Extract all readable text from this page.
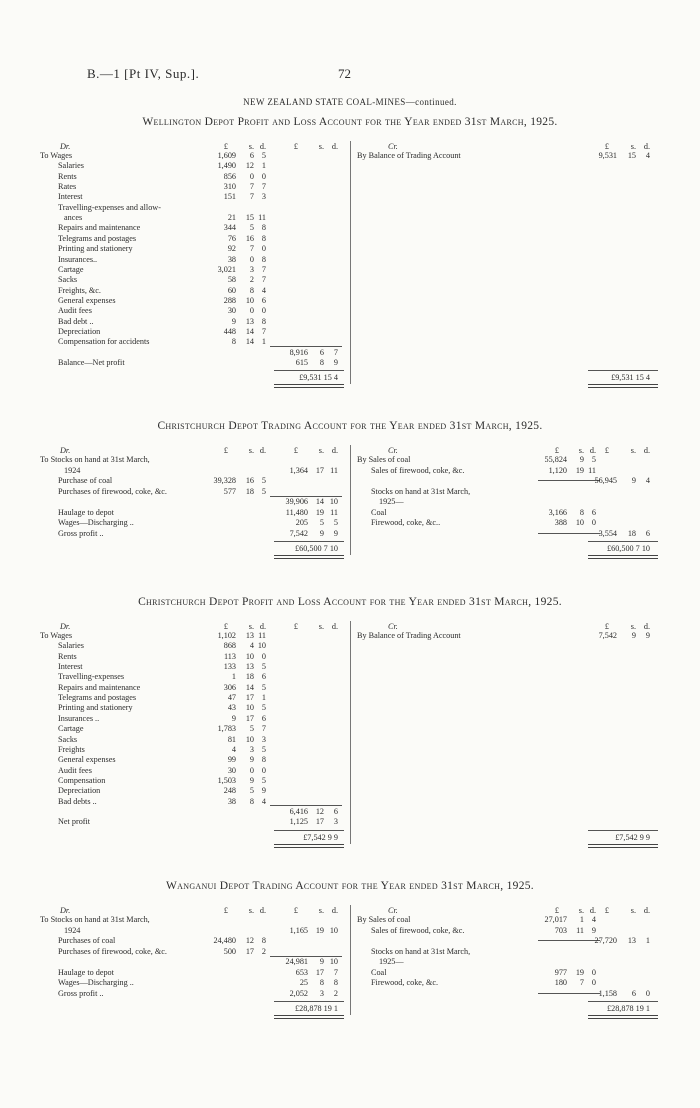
B.—1 [Pt IV, Sup.].	72
NEW ZEALAND STATE COAL-MINES—continued.
Wellington Depot Profit and Loss Account for the Year ended 31st March, 1925.
Dr.	Cr.
£	s. d.	£	s. d.	£	s. d.
To Wages	1,609 6 5
Salaries	1,490 12 1
Rents	856 0 0
Rates	310 7 7
Interest	151 7 3
Travelling-expenses and allow-
ances	21 15 11
Repairs and maintenance	344 5 8
Telegrams and postages	76 16 8
Printing and stationery	92 7 0
Insurances..	38 0 8
Cartage	3,021 3 7
Sacks	58 2 7
Freights, &c.	60 8 4
General expenses	288 10 6
Audit fees	30 0 0
Bad debt ..	9 13 8
Depreciation	448 14 7
Compensation for accidents	8 14 1
8,916 6 7
Balance—Net profit	615 8 9
By Balance of Trading Account	9,531 15 4
£9,531 15 4	£9,531 15 4
Christchurch Depot Trading Account for the Year ended 31st March, 1925.
Dr.	Cr.
£	s. d.	£	s. d.	£ s. d. £	s. d.
To Stocks on hand at 31st March,
1924	1,364 17 11
Purchase of coal	39,328 16 5
Purchases of firewood, coke, &c.	577 18 5
39,906 14 10
Haulage to depot	11,480 19 11
Wages—Discharging ..	205 5 5
Gross profit ..	7,542 9 9
By Sales of coal	55,824 9 5
Sales of firewood, coke, &c.	1,120 19 11
56,945 9 4
Stocks on hand at 31st March,
1925—
Coal	3,166 8 6
Firewood, coke, &c..	388 10 0
3,554 18 6
£60,500 7 10	£60,500 7 10
Christchurch Depot Profit and Loss Account for the Year ended 31st March, 1925.
Dr.	Cr.
£	s. d.	£	s. d.	£	s. d.
To Wages	1,102 13 11
Salaries	868 4 10
Rents	113 10 0
Interest	133 13 5
Travelling-expenses	1 18 6
Repairs and maintenance	306 14 5
Telegrams and postages	47 17 1
Printing and stationery	43 10 5
Insurances ..	9 17 6
Cartage	1,783 5 7
Sacks	81 10 3
Freights	4 3 5
General expenses	99 9 8
Audit fees	30 0 0
Compensation	1,503 9 5
Depreciation	248 5 9
Bad debts ..	38 8 4
6,416 12 6
Net profit	1,125 17 3
By Balance of Trading Account	7,542 9 9
£7,542 9 9	£7,542 9 9
Wanganui Depot Trading Account for the Year ended 31st March, 1925.
Dr.	Cr.
£	s. d.	£	s. d.	£ s. d. £	s. d.
To Stocks on hand at 31st March,
1924	1,165 19 10
Purchases of coal	24,480 12 8
Purchases of firewood, coke, &c.	500 17 2
24,981 9 10
Haulage to depot	653 17 7
Wages—Discharging ..	25 8 8
Gross profit ..	2,052 3 2
By Sales of coal	27,017 1 4
Sales of firewood, coke, &c.	703 11 9
27,720 13 1
Stocks on hand at 31st March,
1925—
Coal	977 19 0
Firewood, coke, &c.	180 7 0
1,158 6 0
£28,878 19 1	£28,878 19 1
